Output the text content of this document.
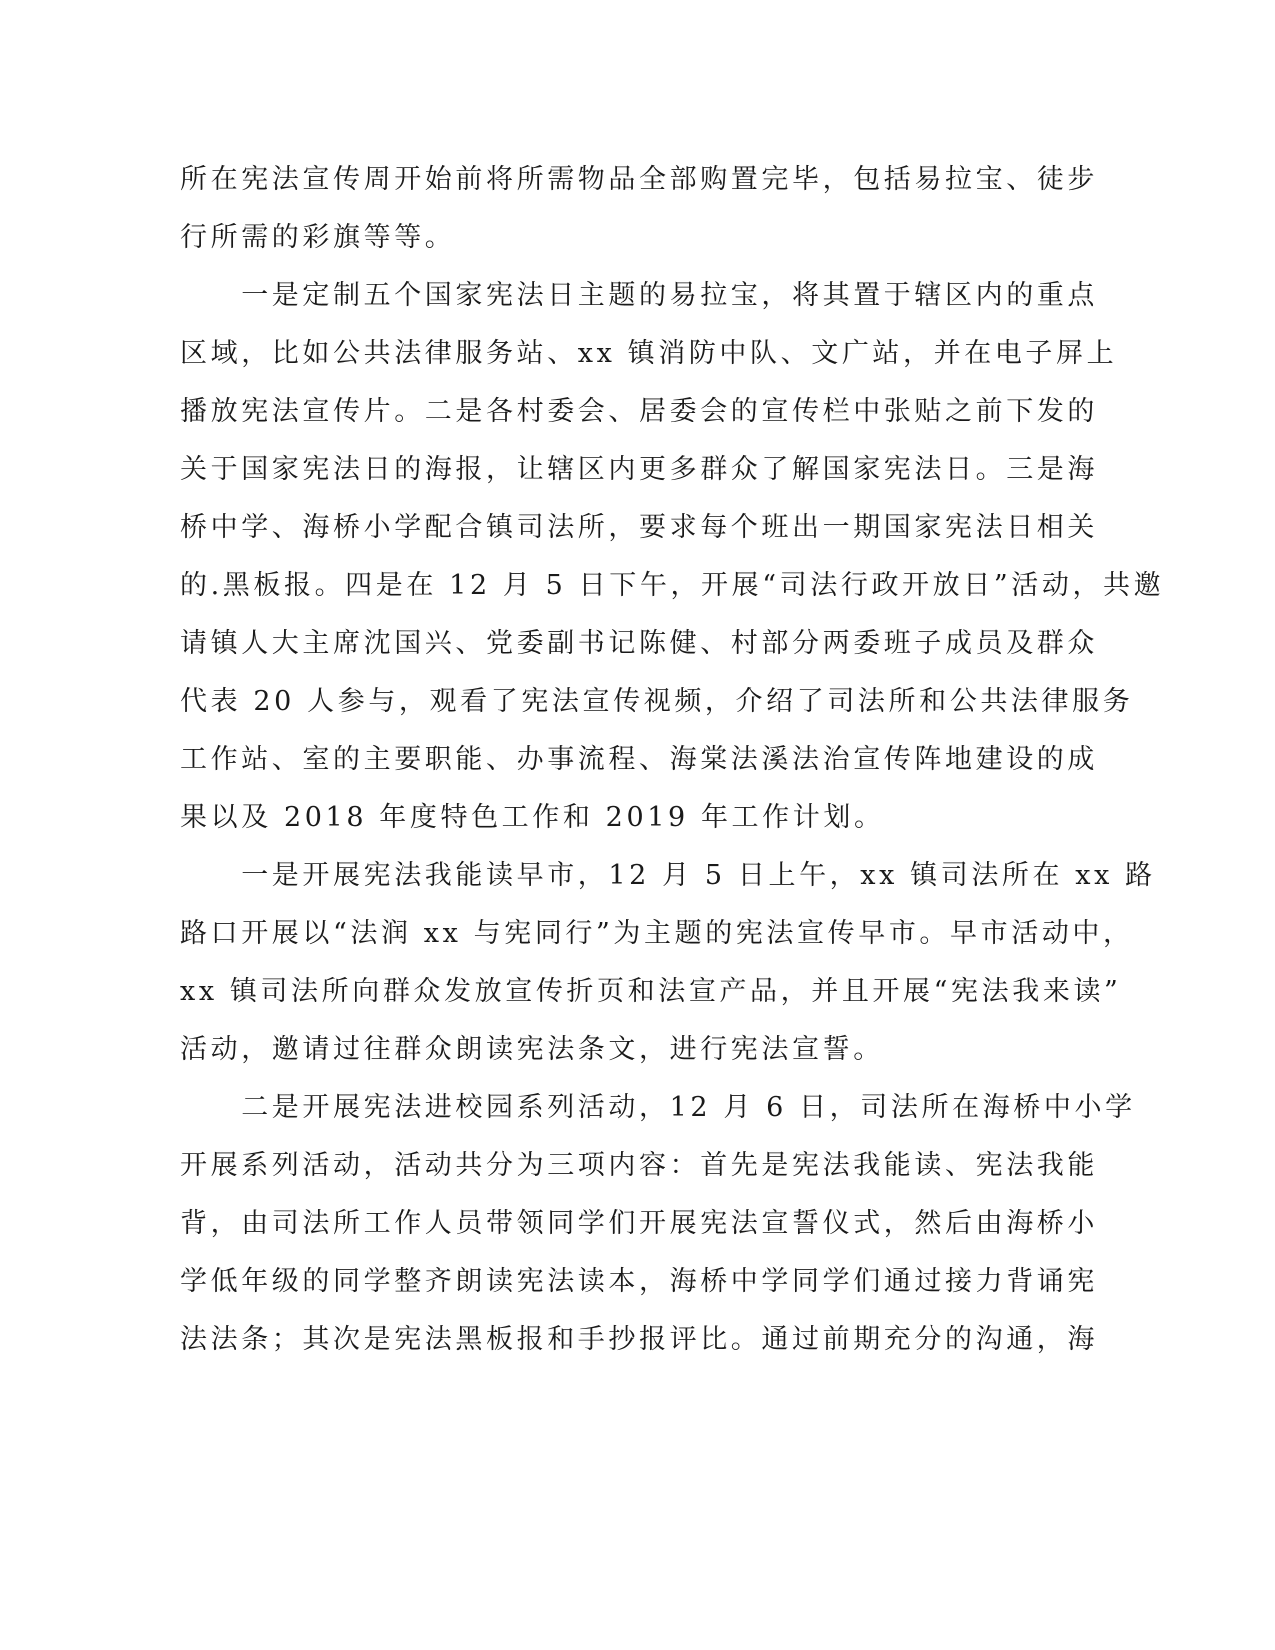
所在宪法宣传周开始前将所需物品全部购置完毕，包括易拉宝、徒步
行所需的彩旗等等。
　　一是定制五个国家宪法日主题的易拉宝，将其置于辖区内的重点
区域，比如公共法律服务站、xx 镇消防中队、文广站，并在电子屏上
播放宪法宣传片。二是各村委会、居委会的宣传栏中张贴之前下发的
关于国家宪法日的海报，让辖区内更多群众了解国家宪法日。三是海
桥中学、海桥小学配合镇司法所，要求每个班出一期国家宪法日相关
的.黑板报。四是在 12 月 5 日下午，开展“司法行政开放日”活动，共邀
请镇人大主席沈国兴、党委副书记陈健、村部分两委班子成员及群众
代表 20 人参与，观看了宪法宣传视频，介绍了司法所和公共法律服务
工作站、室的主要职能、办事流程、海棠法溪法治宣传阵地建设的成
果以及 2018 年度特色工作和 2019 年工作计划。
　　一是开展宪法我能读早市，12 月 5 日上午，xx 镇司法所在 xx 路
路口开展以“法润 xx 与宪同行”为主题的宪法宣传早市。早市活动中，
xx 镇司法所向群众发放宣传折页和法宣产品，并且开展“宪法我来读”
活动，邀请过往群众朗读宪法条文，进行宪法宣誓。
　　二是开展宪法进校园系列活动，12 月 6 日，司法所在海桥中小学
开展系列活动，活动共分为三项内容：首先是宪法我能读、宪法我能
背，由司法所工作人员带领同学们开展宪法宣誓仪式，然后由海桥小
学低年级的同学整齐朗读宪法读本，海桥中学同学们通过接力背诵宪
法法条；其次是宪法黑板报和手抄报评比。通过前期充分的沟通，海
